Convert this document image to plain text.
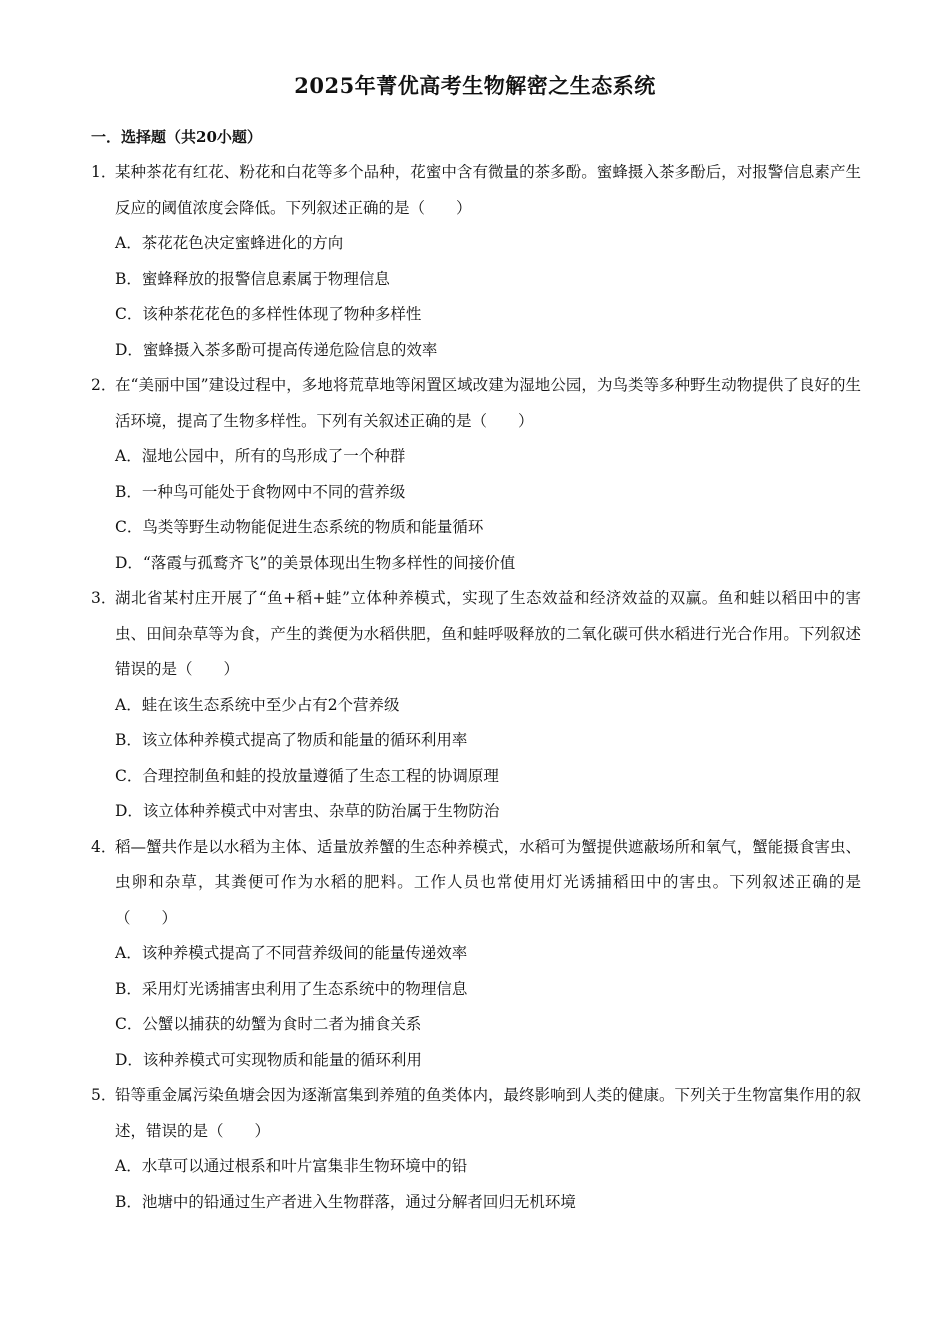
2025年菁优高考生物解密之生态系统
一．选择题（共20小题）
1．
某种茶花有红花、粉花和白花等多个品种，花蜜中含有微量的茶多酚。蜜蜂摄入茶多酚后，对报警信息素产生反应的阈值浓度会降低。下列叙述正确的是（　　）
A．茶花花色决定蜜蜂进化的方向
B．蜜蜂释放的报警信息素属于物理信息
C．该种茶花花色的多样性体现了物种多样性
D．蜜蜂摄入茶多酚可提高传递危险信息的效率
2．
在“美丽中国”建设过程中，多地将荒草地等闲置区域改建为湿地公园，为鸟类等多种野生动物提供了良好的生活环境，提高了生物多样性。下列有关叙述正确的是（　　）
A．湿地公园中，所有的鸟形成了一个种群
B．一种鸟可能处于食物网中不同的营养级
C．鸟类等野生动物能促进生态系统的物质和能量循环
D．“落霞与孤鹜齐飞”的美景体现出生物多样性的间接价值
3．
湖北省某村庄开展了“鱼+稻+蛙”立体种养模式，实现了生态效益和经济效益的双赢。鱼和蛙以稻田中的害虫、田间杂草等为食，产生的粪便为水稻供肥，鱼和蛙呼吸释放的二氧化碳可供水稻进行光合作用。下列叙述错误的是（　　）
A．蛙在该生态系统中至少占有2个营养级
B．该立体种养模式提高了物质和能量的循环利用率
C．合理控制鱼和蛙的投放量遵循了生态工程的协调原理
D．该立体种养模式中对害虫、杂草的防治属于生物防治
4．
稻—蟹共作是以水稻为主体、适量放养蟹的生态种养模式，水稻可为蟹提供遮蔽场所和氧气，蟹能摄食害虫、虫卵和杂草，其粪便可作为水稻的肥料。工作人员也常使用灯光诱捕稻田中的害虫。下列叙述正确的是（　　）
A．该种养模式提高了不同营养级间的能量传递效率
B．采用灯光诱捕害虫利用了生态系统中的物理信息
C．公蟹以捕获的幼蟹为食时二者为捕食关系
D．该种养模式可实现物质和能量的循环利用
5．
铅等重金属污染鱼塘会因为逐渐富集到养殖的鱼类体内，最终影响到人类的健康。下列关于生物富集作用的叙述，错误的是（　　）
A．水草可以通过根系和叶片富集非生物环境中的铅
B．池塘中的铅通过生产者进入生物群落，通过分解者回归无机环境
